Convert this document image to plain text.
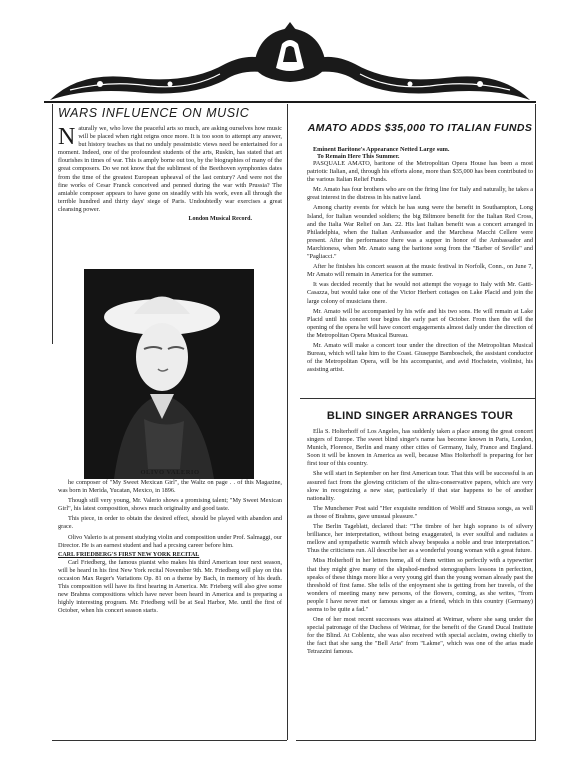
WARS INFLUENCE ON MUSIC

Naturally we, who love the peaceful arts so much, are asking ourselves how music will be placed when right reigns once more. It is too soon to attempt any answer, but history teaches us that no unduly pessimistic views need be entertained for a moment. Indeed, one of the profoundest students of the arts, Ruskin, has stated that art flourishes in times of war. This is amply borne out too, by the biographies of many of the great composers. Do we not know that the sublimest of the Beethoven symphonies dates from the time of the greatest European upheaval of the last century? And were not the fine works of Cesar Franck conceived and penned during the war with Prussia? The amiable composer appears to have gone on steadily with his work, even all through the terrible hundred and thirty days' siege of Paris. Undoubtedly war exercises a great cleansing power.

London Musical Record.
OLIVO VALERIO

he composer of "My Sweet Mexican Girl", the Waltz on page . . of this Magazine, was born in Merida, Yucatan, Mexico, in 1896.

Though still very young, Mr. Valerio shows a promising talent; "My Sweet Mexican Girl", his latest composition, shows much originality and good taste.

This piece, in order to obtain the desired effect, should be played with abandon and grace.

Olivo Valerio is at present studying violin and composition under Prof. Salmaggi, our Director. He is an earnest student and had a prcsing career before him.

CARL FRIEDBERG'S FIRST NEW YORK RECITAL

Carl Friedberg, the famous pianist who makes his third American tour next season, will be heard in his first New York recital November 9th. Mr. Friedberg will play on this occasion Max Reger's Variations Op. 81 on a theme by Bach, in memory of his death. This composition will have its first hearing in America. Mr. Frieberg will also give some new Brahms compositions which have never been heard in America and is preparing a highly interesting program. Mr. Friedberg will be at Seal Harbor, Me. until the first of October, when his concert season starts.

AMATO ADDS $35,000 TO ITALIAN FUNDS
Eminent Baritone's Appearance Netted Large sum.
To Remain Here This Summer.

PASQUALE AMATO, baritone of the Metropolitan Opera House has been a most patriotic Italian, and, through his efforts alone, more than $35,000 has been contributed to the various Italian Relief Funds.

Mr. Amato has four brothers who are on the firing line for Italy and naturally, he takes a great interest in the distress in his native land.

Among charity events for which he has sung were the benefit in Southampton, Long Island, for Italian wounded soldiers; the big Biltmore benefit for the Italian Red Cross, and the Italia War Relief on Jan. 22. His last Italian benefit was a concert arranged in Philadelphia, when the Italian Ambassador and the Marchesa Macchi Cellere were present. After the performance there was a supper in honor of the Ambassador and Marchioness, when Mr. Amato sang the baritone song from the "Barber of Seville" and "Pagliacci."

After he finishes his concert season at the music festival in Norfolk, Conn., on June 7, Mr Amato will remain in America for the summer.

It was decided recently that he would not attempt the voyage to Italy with Mr. Gatti-Casazza, but would take one of the Victor Herbert cottages on Lake Placid and join the large colony of musicians there.

Mr. Amato will be accompanied by his wife and his two sons. He will remain at Lake Placid until his concert tour begins the early part of October. From then the will the opening of the opera he will have concert engagements almost daily under the direction of the Metropolitan Opera Musical Bureau.

Mr. Amato will make a concert tour under the direction of the Metropolitan Musical Bureau, which will take him to the Coast. Giuseppe Bamboschek, the assistant conductor of the Metropolitan Opera, will be his accompanist, and avid Hochstein, violinist, his assisting artist.

BLIND SINGER ARRANGES TOUR

Ella S. Holterhoff of Los Angeles, has suddenly taken a place among the great concert singers of Europe. The sweet blind singer's name has become known in Paris, London, Munich, Florence, Berlin and many other cities of Germany, Italy, France and England. Soon it will be known in America as well, because Miss Holterhoff is preparing for her first tour of this country.

She will start in September on her first American tour. That this will be successful is an assured fact from the glowing criticism of the ultra-conservative papers, which are very slow in recognizing a new star, particularly if that star happens to be of another nationality.

The Munchener Post said "Her exquisite rendition of Wolff and Strauss songs, as well as those of Brahms, gave unusual pleasure."

The Berlin Tageblatt, declared that: "The timbre of her high soprano is of silvery brilliance, her interpretation, without being exaggerated, is ever soulful and radiates a mellow and sympathetic warmth which alway bespeaks a noble and true interpretation." Thus the criticisms run. All describe her as a wonderful young woman with a great future.

Miss Holterhoff in her letters home, all of them written so perfectly with a typewriter that they might give many of the slipshod-method stenographers lessons in perfection, speaks of these things more like a very young girl than the young woman already past the threshold of first fame. She tells of the enjoyment she is getting from her travels, of the wonders of meeting many new persons, of the flowers, coming, as she writes, "from people I have never met or famous singer as a friend, which in this country (Germany) seems to be quite a fad."

One of her most recent successes was attained at Weimar, where she sang under the special patronage of the Duchess of Weimar, for the benefit of the Grand Ducal Institute for the Blind. At Coblentz, she was also received with special acclaim, owing chiefly to the fact that she sang the "Bell Aria" from "Lakme", which was one of the arias made Tetrazzini famous.
